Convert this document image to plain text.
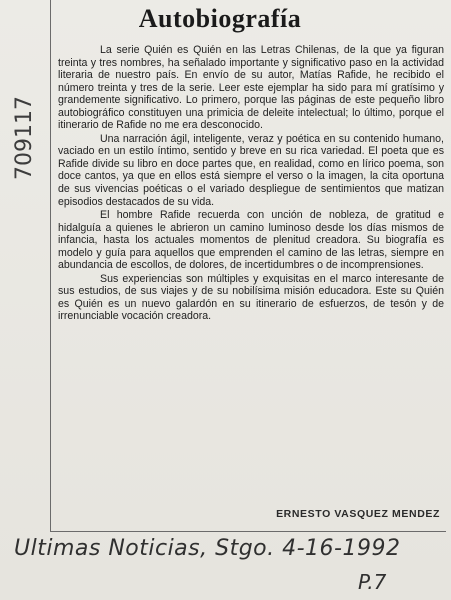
709117
Autobiografía

La serie Quién es Quién en las Letras Chilenas, de la que ya figuran treinta y tres nombres, ha señalado importante y significativo paso en la actividad literaria de nuestro país. En envío de su autor, Matías Rafide, he recibido el número treinta y tres de la serie. Leer este ejemplar ha sido para mí gratísimo y grandemente significativo. Lo primero, porque las páginas de este pequeño libro autobiográfico constituyen una primicia de deleite intelectual; lo último, porque el itinerario de Rafide no me era desconocido.

Una narración ágil, inteligente, veraz y poética en su contenido humano, vaciado en un estilo íntimo, sentido y breve en su rica variedad. El poeta que es Rafide divide su libro en doce partes que, en realidad, como en lírico poema, son doce cantos, ya que en ellos está siempre el verso o la imagen, la cita oportuna de sus vivencias poéticas o el variado despliegue de sentimientos que matizan episodios destacados de su vida.

El hombre Rafide recuerda con unción de nobleza, de gratitud e hidalguía a quienes le abrieron un camino luminoso desde los días mismos de infancia, hasta los actuales momentos de plenitud creadora. Su biografía es modelo y guía para aquellos que emprenden el camino de las letras, siempre en abundancia de escollos, de dolores, de incertidumbres o de incomprensiones.

Sus experiencias son múltiples y exquisitas en el marco interesante de sus estudios, de sus viajes y de su nobilísima misión educadora. Este su Quién es Quién es un nuevo galardón en su itinerario de esfuerzos, de tesón y de irrenunciable vocación creadora.

ERNESTO VASQUEZ MENDEZ
Ultimas Noticias, Stgo. 4-16-1992
P.7
